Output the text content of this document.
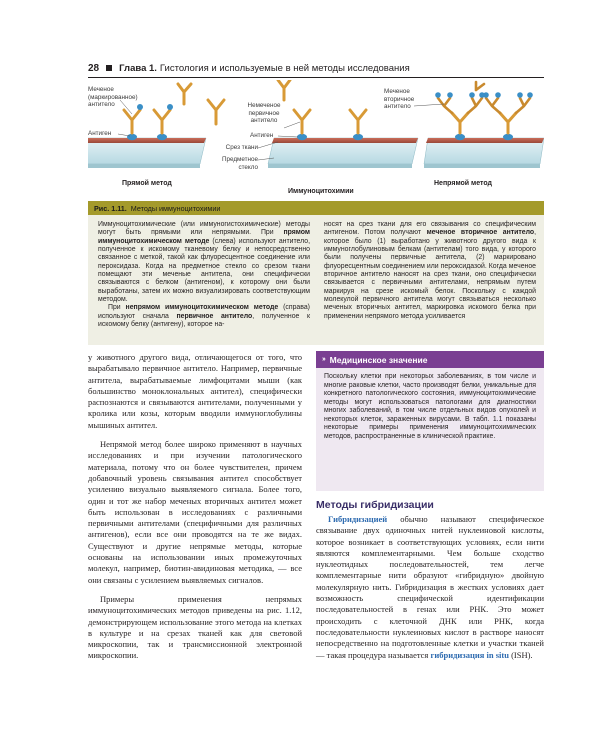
28 Глава 1. Гистология и используемые в ней методы исследования
Меченое (маркированное) антитело
Антиген
Немеченое первичное антитело
Антиген
Срез ткани
Предметное стекло
Меченое вторичное антитело
Прямой метод
Иммуноцитохимии
Непрямой метод
Рис. 1.11. Методы иммуноцитохимии

Иммуноцитохимические (или иммуногистохимические) методы могут быть прямыми или непрямыми. При прямом иммуноцитохимическом методе (слева) используют антитело, полученное к искомому тканевому белку и непосредственно связанное с меткой, такой как флуоресцентное соединение или пероксидаза. Когда на предметное стекло со срезом ткани помещают эти меченые антитела, они специфически связываются с белком (антигеном), к которому они были выработаны, затем их можно визуализировать соответствующим методом.

При непрямом иммуноцитохимическом методе (справа) используют сначала первичное антитело, полученное к искомому белку (антигену), которое на-

носят на срез ткани для его связывания со специфическим антигеном. Потом получают меченое вторичное антитело, которое было (1) выработано у животного другого вида к иммуноглобулиновым белкам (антителам) того вида, у которого были получены первичные антитела, (2) маркировано флуоресцентным соединением или пероксидазой. Когда меченое вторичное антитело наносят на срез ткани, оно специфически связывается с первичными антителами, непрямым путем маркируя на срезе искомый белок. Поскольку с каждой молекулой первичного антитела могут связываться несколько меченых вторичных антител, маркировка искомого белка при применении непрямого метода усиливается

у животного другого вида, отличающегося от того, что вырабатывало первичное антитело. Например, первичные антитела, вырабатываемые лимфоцитами мыши (как большинство моноклональных антител), специфически распознаются и связываются антителами, полученными у кролика или козы, которым вводили иммуноглобулины мышиных антител.

Непрямой метод более широко применяют в научных исследованиях и при изучении патологического материала, потому что он более чувствителен, причем добавочный уровень связывания антител способствует усилению визуально выявляемого сигнала. Более того, один и тот же набор меченых вторичных антител может быть использован в исследованиях с различными первичными антителами (специфичными для различных антигенов), если все они проводятся на те же видах. Существуют и другие непрямые методы, которые основаны на использовании иных промежуточных молекул, например, биотин-авидиновая методика, — все они связаны с усилением выявляемых сигналов.

Примеры применения непрямых иммуноцитохимических методов приведены на рис. 1.12, демонстрирующем использование этого метода на клетках в культуре и на срезах тканей как для световой микроскопии, так и трансмиссионной электронной микроскопии.

›› Медицинское значение
Поскольку клетки при некоторых заболеваниях, в том числе и многие раковые клетки, часто производят белки, уникальные для конкретного патологического состояния, иммуноцитохимические методы могут использоваться патологами для диагностики многих заболеваний, в том числе отдельных видов опухолей и некоторых клеток, зараженных вирусами. В табл. 1.1 показаны некоторые примеры применения иммуноцитохимических методов, распространенные в клинической практике.
Методы гибридизации

Гибридизацией обычно называют специфическое связывание двух одиночных нитей нуклеиновой кислоты, которое возникает в соответствующих условиях, если нити являются комплементарными. Чем больше сходство нуклеотидных последовательностей, тем легче комплементарные нити образуют «гибридную» двойную молекулярную нить. Гибридизация в жестких условиях дает возможность специфической идентификации последовательностей в генах или РНК. Это может происходить с клеточной ДНК или РНК, когда последовательности нуклеиновых кислот в растворе наносят непосредственно на подготовленные клетки и участки тканей — такая процедура называется гибридизация in situ (ISH).
